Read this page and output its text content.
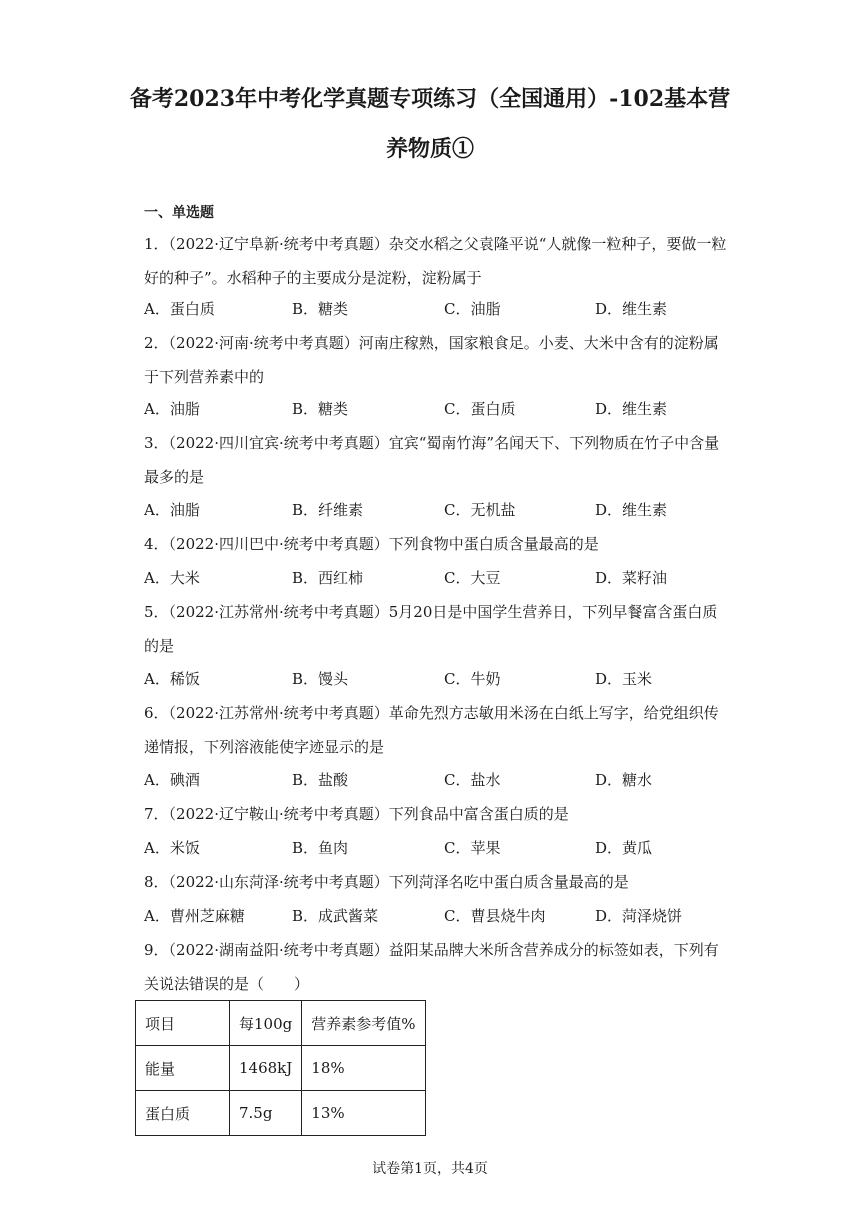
备考2023年中考化学真题专项练习（全国通用）-102基本营
养物质①
一、单选题
1．（2022·辽宁阜新·统考中考真题）杂交水稻之父袁隆平说“人就像一粒种子，要做一粒
好的种子”。水稻种子的主要成分是淀粉，淀粉属于
A．蛋白质	B．糖类	C．油脂	D．维生素
2．（2022·河南·统考中考真题）河南庄稼熟，国家粮食足。小麦、大米中含有的淀粉属
于下列营养素中的
A．油脂	B．糖类	C．蛋白质	D．维生素
3．（2022·四川宜宾·统考中考真题）宜宾“蜀南竹海”名闻天下、下列物质在竹子中含量
最多的是
A．油脂	B．纤维素	C．无机盐	D．维生素
4．（2022·四川巴中·统考中考真题）下列食物中蛋白质含量最高的是
A．大米	B．西红柿	C．大豆	D．菜籽油
5．（2022·江苏常州·统考中考真题）5月20日是中国学生营养日，下列早餐富含蛋白质
的是
A．稀饭	B．馒头	C．牛奶	D．玉米
6．（2022·江苏常州·统考中考真题）革命先烈方志敏用米汤在白纸上写字，给党组织传
递情报，下列溶液能使字迹显示的是
A．碘酒	B．盐酸	C．盐水	D．糖水
7．（2022·辽宁鞍山·统考中考真题）下列食品中富含蛋白质的是
A．米饭	B．鱼肉	C．苹果	D．黄瓜
8．（2022·山东菏泽·统考中考真题）下列菏泽名吃中蛋白质含量最高的是
A．曹州芝麻糖	B．成武酱菜	C．曹县烧牛肉	D．菏泽烧饼
9．（2022·湖南益阳·统考中考真题）益阳某品牌大米所含营养成分的标签如表，下列有
关说法错误的是（　　）
项目	每100g	营养素参考值%
能量	1468kJ	18%
蛋白质	7.5g	13%
试卷第1页，共4页
